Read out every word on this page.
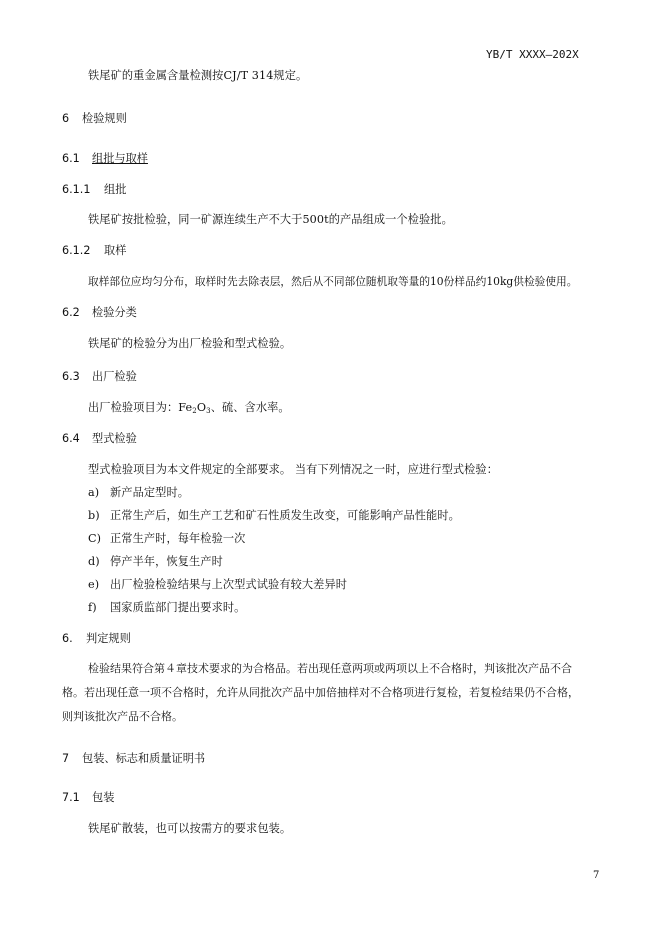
YB/T XXXX—202X
铁尾矿的重金属含量检测按CJ/T 314规定。
6 检验规则
6.1 组批与取样
6.1.1 组批
铁尾矿按批检验，同一矿源连续生产不大于500t的产品组成一个检验批。
6.1.2 取样
取样部位应均匀分布，取样时先去除表层，然后从不同部位随机取等量的10份样品约10kg供检验使用。
6.2 检验分类
铁尾矿的检验分为出厂检验和型式检验。
6.3 出厂检验
出厂检验项目为：$Fe_2O_3$、硫、含水率。
6.4 型式检验
型式检验项目为本文件规定的全部要求。 当有下列情况之一时，应进行型式检验：
a) 新产品定型时。
b) 正常生产后，如生产工艺和矿石性质发生改变，可能影响产品性能时。
C) 正常生产时，每年检验一次
d) 停产半年，恢复生产时
e) 出厂检验检验结果与上次型式试验有较大差异时
f) 国家质监部门提出要求时。
6. 判定规则
检验结果符合第４章技术要求的为合格品。若出现任意两项或两项以上不合格时，判该批次产品不合
格。若出现任意一项不合格时，允许从同批次产品中加倍抽样对不合格项进行复检，若复检结果仍不合格，
则判该批次产品不合格。
7 包装、标志和质量证明书
7.1 包装
铁尾矿散装，也可以按需方的要求包装。
7
